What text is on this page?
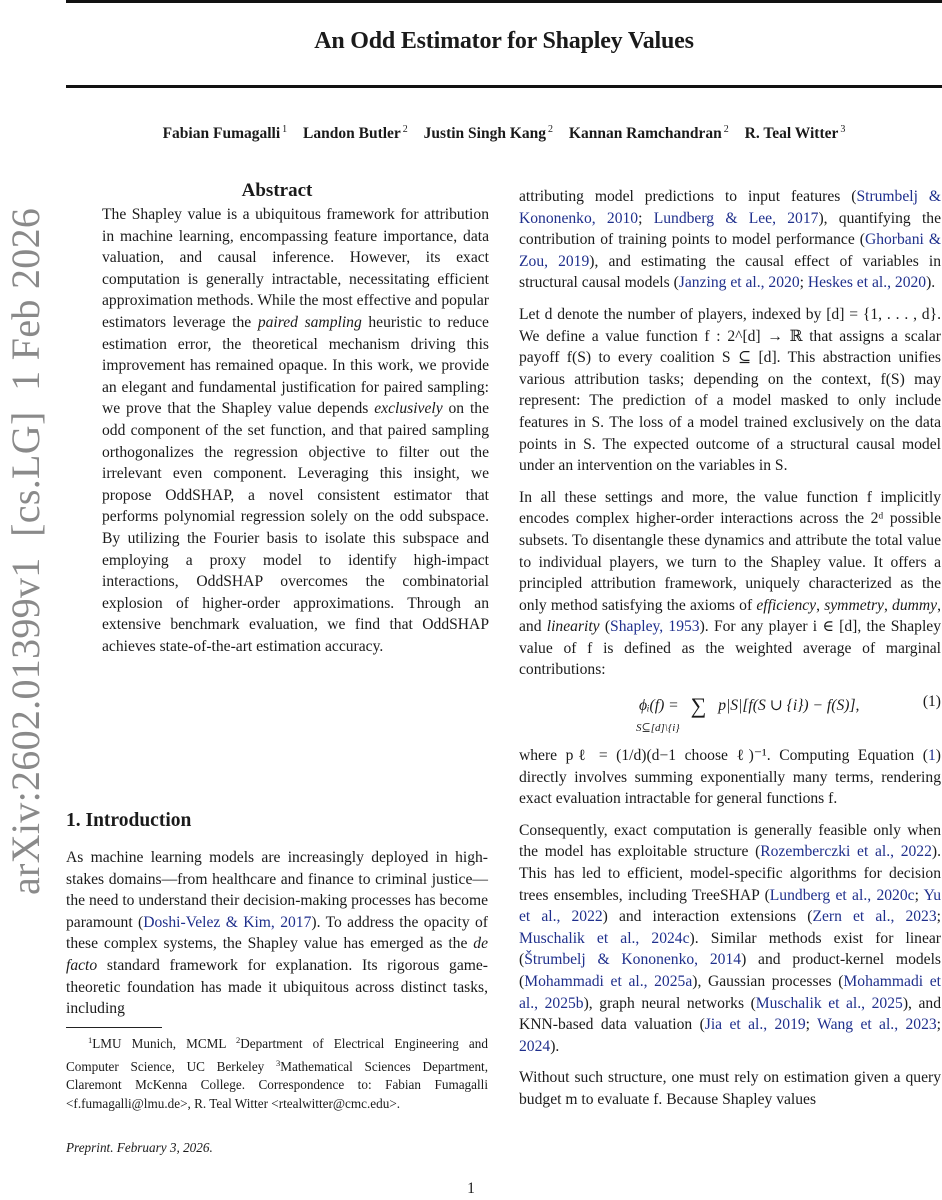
An Odd Estimator for Shapley Values
Fabian Fumagalli $^1$ Landon Butler $^2$ Justin Singh Kang $^2$ Kannan Ramchandran $^2$ R. Teal Witter $^3$
arXiv:2602.01399v1  [cs.LG]  1 Feb 2026
Abstract

The Shapley value is a ubiquitous framework for attribution in machine learning, encompassing feature importance, data valuation, and causal inference. However, its exact computation is generally intractable, necessitating efficient approximation methods. While the most effective and popular estimators leverage the paired sampling heuristic to reduce estimation error, the theoretical mechanism driving this improvement has remained opaque. In this work, we provide an elegant and fundamental justification for paired sampling: we prove that the Shapley value depends exclusively on the odd component of the set function, and that paired sampling orthogonalizes the regression objective to filter out the irrelevant even component. Leveraging this insight, we propose OddSHAP, a novel consistent estimator that performs polynomial regression solely on the odd subspace. By utilizing the Fourier basis to isolate this subspace and employing a proxy model to identify high-impact interactions, OddSHAP overcomes the combinatorial explosion of higher-order approximations. Through an extensive benchmark evaluation, we find that OddSHAP achieves state-of-the-art estimation accuracy.

1. Introduction

As machine learning models are increasingly deployed in high-stakes domains—from healthcare and finance to criminal justice—the need to understand their decision-making processes has become paramount (Doshi-Velez & Kim, 2017). To address the opacity of these complex systems, the Shapley value has emerged as the de facto standard framework for explanation. Its rigorous game-theoretic foundation has made it ubiquitous across distinct tasks, including

$^1$LMU Munich, MCML $^2$Department of Electrical Engineering and Computer Science, UC Berkeley $^3$Mathematical Sciences Department, Claremont McKenna College. Correspondence to: Fabian Fumagalli <f.fumagalli@lmu.de>, R. Teal Witter <rtealwitter@cmc.edu>.

Preprint. February 3, 2026.

attributing model predictions to input features (Strumbelj & Kononenko, 2010; Lundberg & Lee, 2017), quantifying the contribution of training points to model performance (Ghorbani & Zou, 2019), and estimating the causal effect of variables in structural causal models (Janzing et al., 2020; Heskes et al., 2020).

Let d denote the number of players, indexed by [d] = {1, . . . , d}. We define a value function f : 2^[d] → ℝ that assigns a scalar payoff f(S) to every coalition S ⊆ [d]. This abstraction unifies various attribution tasks; depending on the context, f(S) may represent: The prediction of a model masked to only include features in S. The loss of a model trained exclusively on the data points in S. The expected outcome of a structural causal model under an intervention on the variables in S.

In all these settings and more, the value function f implicitly encodes complex higher-order interactions across the 2ᵈ possible subsets. To disentangle these dynamics and attribute the total value to individual players, we turn to the Shapley value. It offers a principled attribution framework, uniquely characterized as the only method satisfying the axioms of efficiency, symmetry, dummy, and linearity (Shapley, 1953). For any player i ∈ [d], the Shapley value of f is defined as the weighted average of marginal contributions:

ϕᵢ(f) = ∑ p|S|[f(S ∪ {i}) − f(S)],
S⊆[d]\{i}
(1)

where pℓ = (1/d)(d−1 choose ℓ)⁻¹. Computing Equation (1) directly involves summing exponentially many terms, rendering exact evaluation intractable for general functions f.

Consequently, exact computation is generally feasible only when the model has exploitable structure (Rozemberczki et al., 2022). This has led to efficient, model-specific algorithms for decision trees ensembles, including TreeSHAP (Lundberg et al., 2020c; Yu et al., 2022) and interaction extensions (Zern et al., 2023; Muschalik et al., 2024c). Similar methods exist for linear (Štrumbelj & Kononenko, 2014) and product-kernel models (Mohammadi et al., 2025a), Gaussian processes (Mohammadi et al., 2025b), graph neural networks (Muschalik et al., 2025), and KNN-based data valuation (Jia et al., 2019; Wang et al., 2023; 2024).

Without such structure, one must rely on estimation given a query budget m to evaluate f. Because Shapley values

1
